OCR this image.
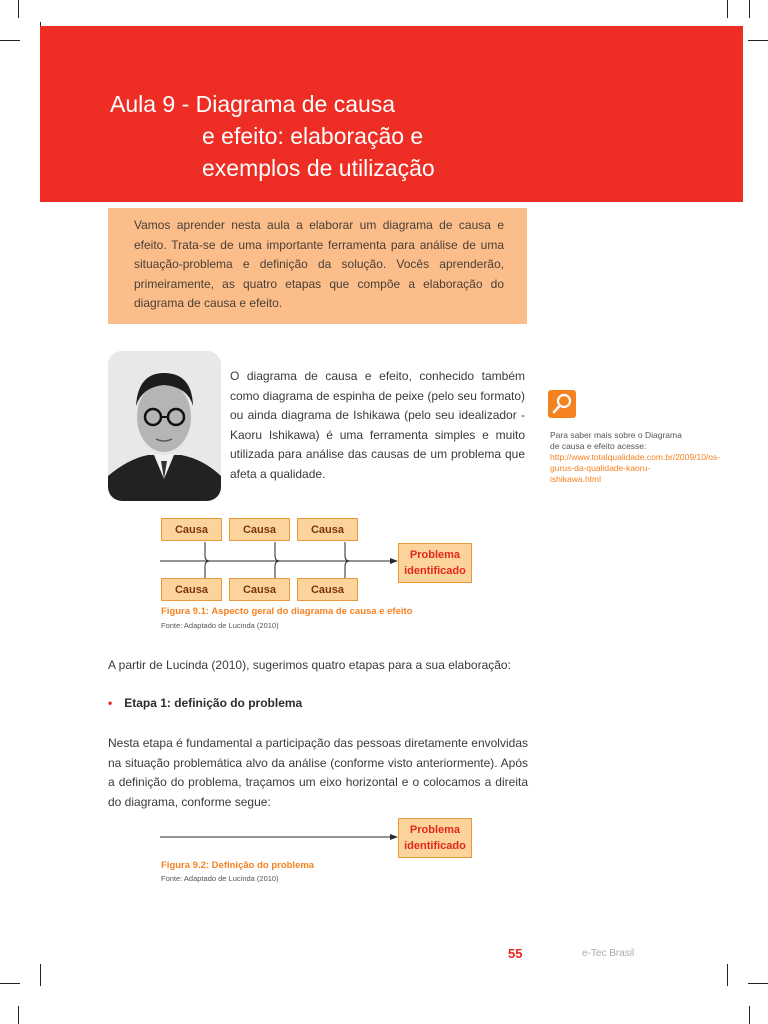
Aula 9 - Diagrama de causa
e efeito: elaboração e
exemplos de utilização
Vamos aprender nesta aula a elaborar um diagrama de causa e efeito. Trata-se de uma importante ferramenta para análise de uma situação-problema e definição da solução. Vocês aprenderão, primeiramente, as quatro etapas que compõe a elaboração do diagrama de causa e efeito.
O diagrama de causa e efeito, conhecido também como diagrama de espinha de peixe (pelo seu formato) ou ainda diagrama de Ishikawa (pelo seu idealizador - Kaoru Ishikawa) é uma ferramenta simples e muito utilizada para análise das causas de um problema que afeta a qualidade.
Para saber mais sobre o Diagrama de causa e efeito acesse: http://www.totalqualidade.com.br/2009/10/os-gurus-da-qualidade-kaoru-ishikawa.html
Causa	Causa	Causa
Causa	Causa	Causa
Problema
identificado
Figura 9.1: Aspecto geral do diagrama de causa e efeito
Fonte: Adaptado de Lucinda (2010)
A partir de Lucinda (2010), sugerimos quatro etapas para a sua elaboração:
• Etapa 1: definição do problema
Nesta etapa é fundamental a participação das pessoas diretamente envolvidas na situação problemática alvo da análise (conforme visto anteriormente). Após a definição do problema, traçamos um eixo horizontal e o colocamos a direita do diagrama, conforme segue:
Problema
identificado
Figura 9.2: Definição do problema
Fonte: Adaptado de Lucinda (2010)
55	e-Tec Brasil
